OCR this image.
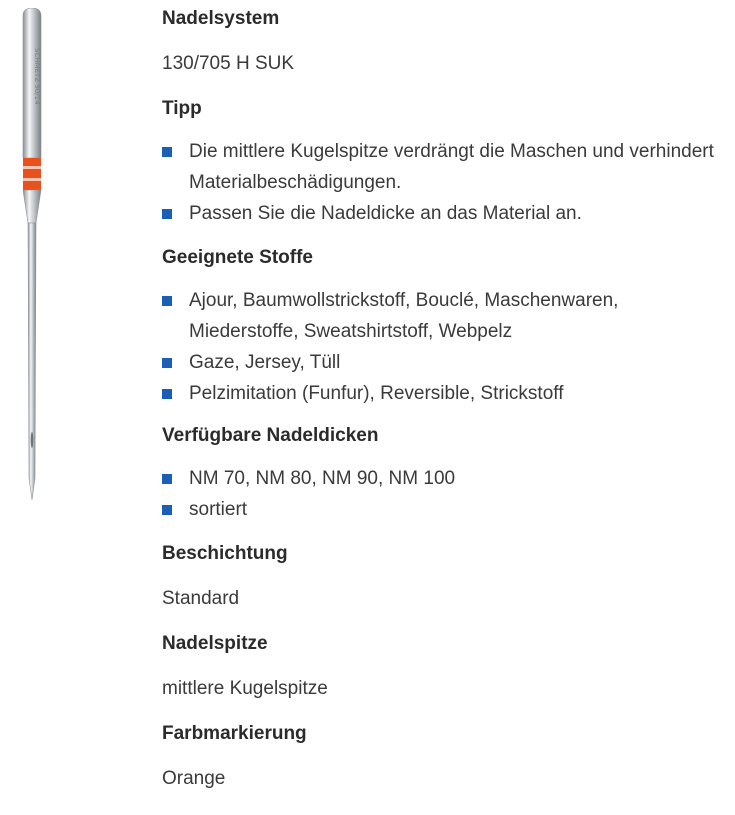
SCHMETZ 90/14
Nadelsystem

130/705 H SUK

Tipp
Die mittlere Kugelspitze verdrängt die Maschen und verhindert Materialbeschädigungen.
Passen Sie die Nadeldicke an das Material an.
Geeignete Stoffe
Ajour, Baumwollstrickstoff, Bouclé, Maschenwaren, Miederstoffe, Sweatshirtstoff, Webpelz
Gaze, Jersey, Tüll
Pelzimitation (Funfur), Reversible, Strickstoff
Verfügbare Nadeldicken
NM 70, NM 80, NM 90, NM 100
sortiert
Beschichtung

Standard

Nadelspitze

mittlere Kugelspitze

Farbmarkierung

Orange
